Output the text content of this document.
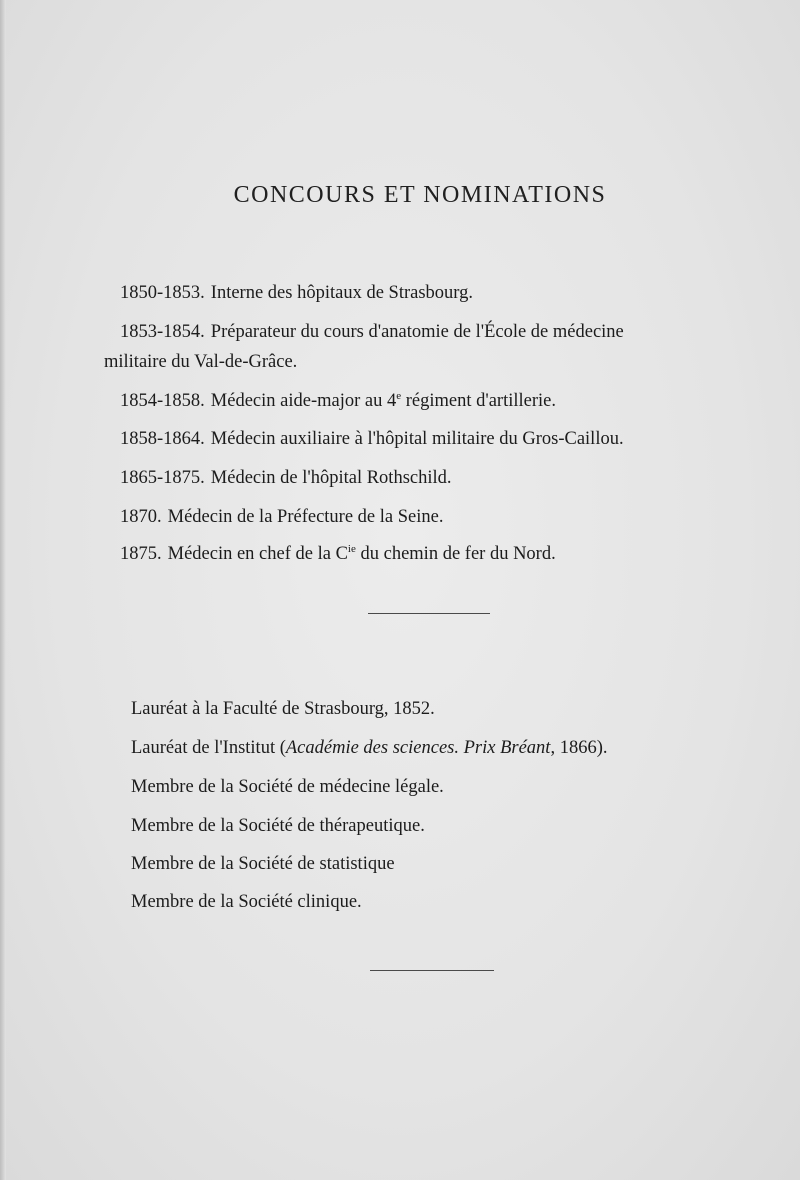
CONCOURS ET NOMINATIONS
1850-1853. Interne des hôpitaux de Strasbourg.
1853-1854. Préparateur du cours d'anatomie de l'École de médecine
militaire du Val-de-Grâce.
1854-1858. Médecin aide-major au 4e régiment d'artillerie.
1858-1864. Médecin auxiliaire à l'hôpital militaire du Gros-Caillou.
1865-1875. Médecin de l'hôpital Rothschild.
1870. Médecin de la Préfecture de la Seine.
1875. Médecin en chef de la $C^{ie}$ du chemin de fer du Nord.
Lauréat à la Faculté de Strasbourg, 1852.
Lauréat de l'Institut (Académie des sciences. Prix Bréant, 1866).
Membre de la Société de médecine légale.
Membre de la Société de thérapeutique.
Membre de la Société de statistique
Membre de la Société clinique.
